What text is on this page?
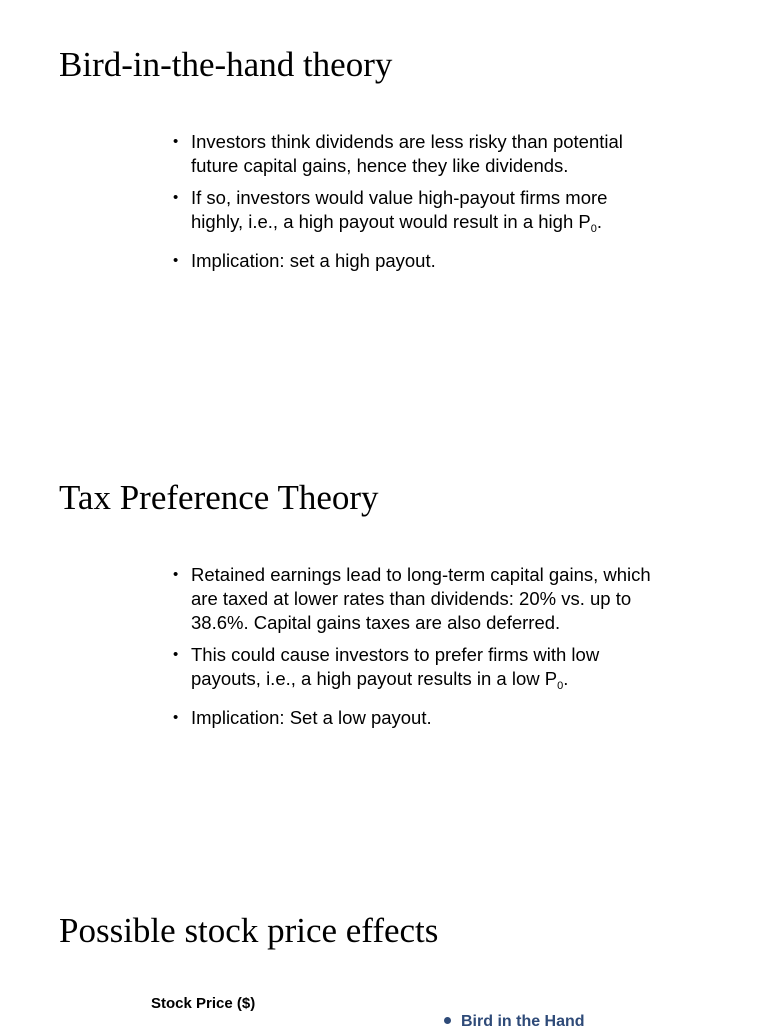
Bird-in-the-hand theory
• Investors think dividends are less risky than potential future capital gains, hence they like dividends.
• If so, investors would value high-payout firms more highly, i.e., a high payout would result in a high $P_0$.
• Implication: set a high payout.
Tax Preference Theory
• Retained earnings lead to long-term capital gains, which are taxed at lower rates than dividends: 20% vs. up to 38.6%. Capital gains taxes are also deferred.
• This could cause investors to prefer firms with low payouts, i.e., a high payout results in a low $P_0$.
• Implication: Set a low payout.
Possible stock price effects
Stock Price ($)
Bird in the Hand
